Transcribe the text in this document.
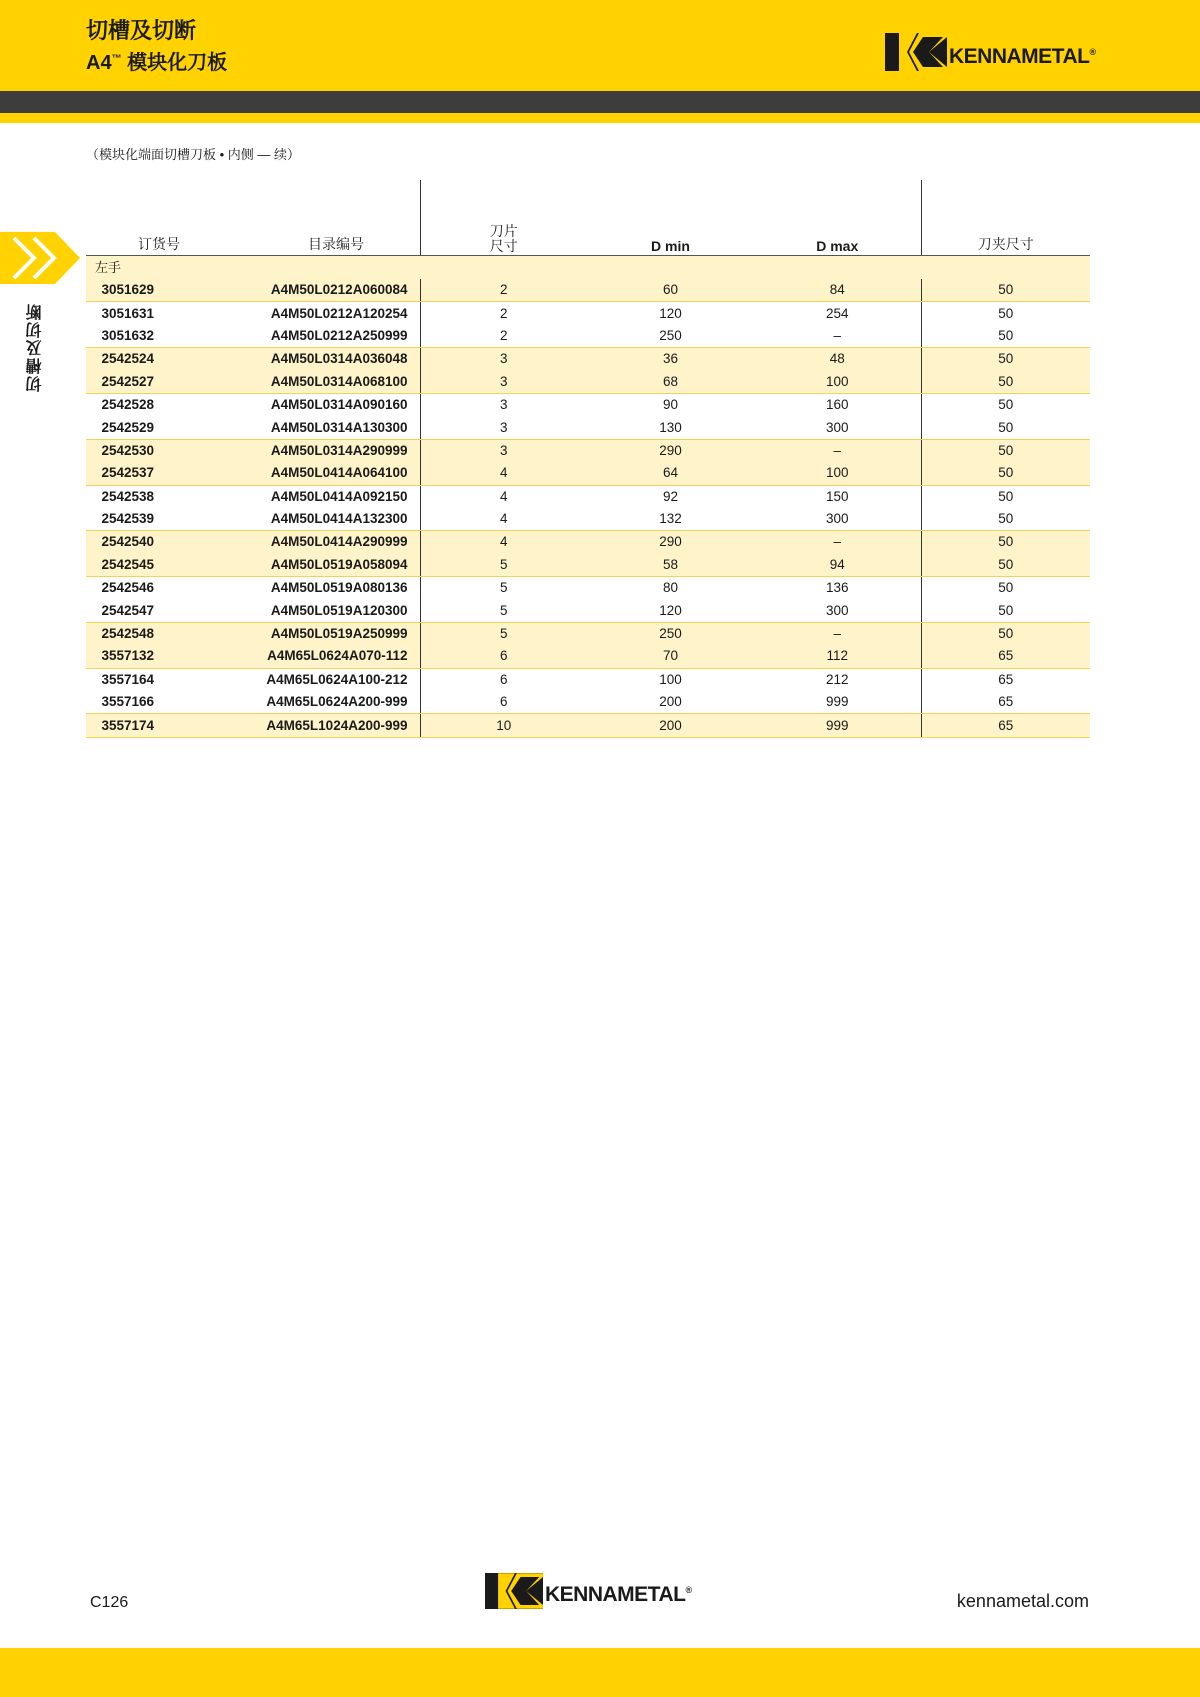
切槽及切断
A4™ 模块化刀板	KENNAMETAL®
切槽及切断
（模块化端面切槽刀板 • 内侧 — 续）
订货号	目录编号	刀片
尺寸	D min	D max	刀夹尺寸
左手					
3051629	A4M50L0212A060084	2	60	84	50
3051631	A4M50L0212A120254	2	120	254	50
3051632	A4M50L0212A250999	2	250	–	50
2542524	A4M50L0314A036048	3	36	48	50
2542527	A4M50L0314A068100	3	68	100	50
2542528	A4M50L0314A090160	3	90	160	50
2542529	A4M50L0314A130300	3	130	300	50
2542530	A4M50L0314A290999	3	290	–	50
2542537	A4M50L0414A064100	4	64	100	50
2542538	A4M50L0414A092150	4	92	150	50
2542539	A4M50L0414A132300	4	132	300	50
2542540	A4M50L0414A290999	4	290	–	50
2542545	A4M50L0519A058094	5	58	94	50
2542546	A4M50L0519A080136	5	80	136	50
2542547	A4M50L0519A120300	5	120	300	50
2542548	A4M50L0519A250999	5	250	–	50
3557132	A4M65L0624A070-112	6	70	112	65
3557164	A4M65L0624A100-212	6	100	212	65
3557166	A4M65L0624A200-999	6	200	999	65
3557174	A4M65L1024A200-999	10	200	999	65
C126	KENNAMETAL®
kennametal.com
